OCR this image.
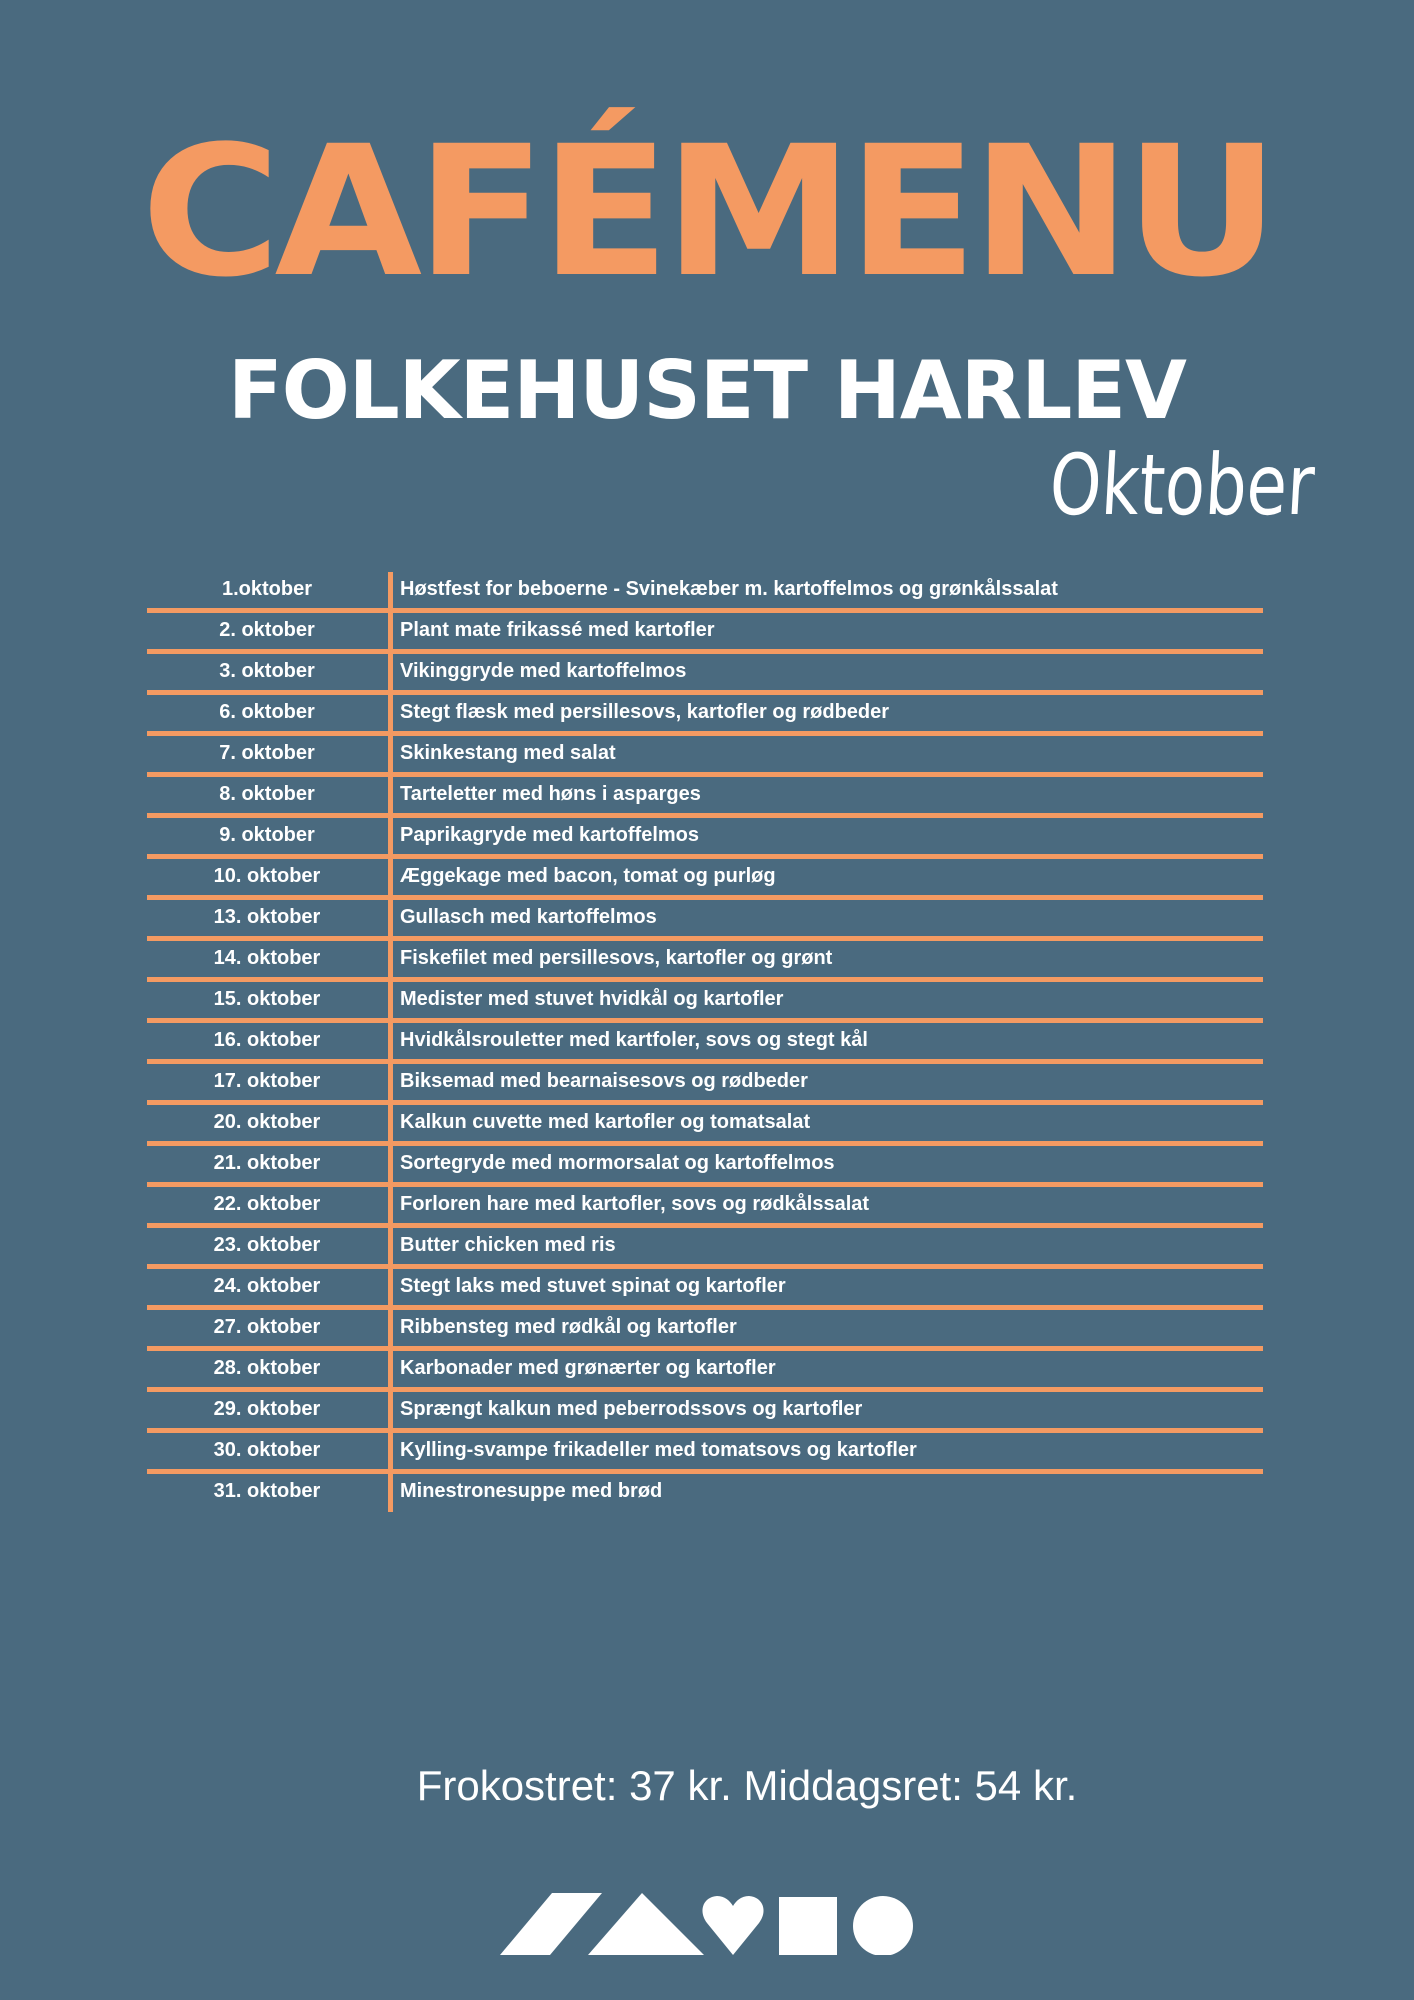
CAFÉMENU
FOLKEHUSET HARLEV
Oktober
1.oktober	Høstfest for beboerne - Svinekæber m. kartoffelmos og grønkålssalat
2. oktober	Plant mate frikassé med kartofler
3. oktober	Vikinggryde med kartoffelmos
6. oktober	Stegt flæsk med persillesovs, kartofler og rødbeder
7. oktober	Skinkestang med salat
8. oktober	Tarteletter med høns i asparges
9. oktober	Paprikagryde med kartoffelmos
10. oktober	Æggekage med bacon, tomat og purløg
13. oktober	Gullasch med kartoffelmos
14. oktober	Fiskefilet med persillesovs, kartofler og grønt
15. oktober	Medister med stuvet hvidkål og kartofler
16. oktober	Hvidkålsrouletter med kartfoler, sovs og stegt kål
17. oktober	Biksemad med bearnaisesovs og rødbeder
20. oktober	Kalkun cuvette med kartofler og tomatsalat
21. oktober	Sortegryde med mormorsalat og kartoffelmos
22. oktober	Forloren hare med kartofler, sovs og rødkålssalat
23. oktober	Butter chicken med ris
24. oktober	Stegt laks med stuvet spinat og kartofler
27. oktober	Ribbensteg med rødkål og kartofler
28. oktober	Karbonader med grønærter og kartofler
29. oktober	Sprængt kalkun med peberrodssovs og kartofler
30. oktober	Kylling-svampe frikadeller med tomatsovs og kartofler
31. oktober	Minestronesuppe med brød
Frokostret: 37 kr. Middagsret: 54 kr.
